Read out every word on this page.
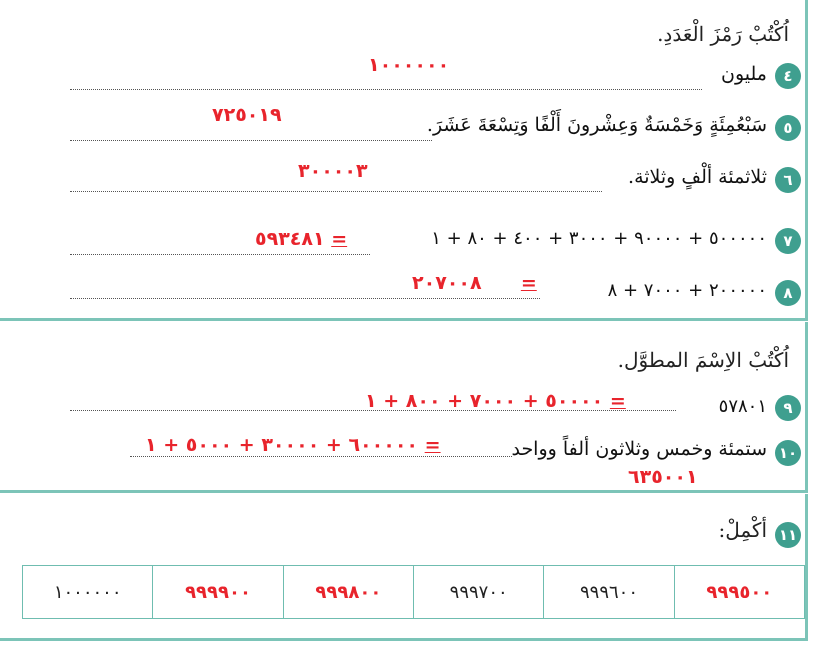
اُكْتُبْ رَمْزَ الْعَدَدِ.
٤
مليون
١٠٠٠٠٠٠
٥
سَبْعُمِئَةٍ وَخَمْسَةٌ وَعِشْرونَ أَلْفًا وَتِسْعَةَ عَشَرَ.
٧٢٥٠١٩
٦
ثلاثمئة ألْفٍ وثلاثة.
٣٠٠٠٠٣
٧
٥٠٠٠٠٠ + ٩٠٠٠٠ + ٣٠٠٠ + ٤٠٠ + ٨٠ + ١
٥٩٣٤٨١ =
٨
٢٠٠٠٠٠ + ٧٠٠٠ + ٨
٢٠٧٠٠٨ =
اُكْتُبْ الاِسْمَ المطوَّل.
٩
٥٧٨٠١
٥٠٠٠٠ + ٧٠٠٠ + ٨٠٠ + ١ =
١٠
ستمئة وخمس وثلاثون ألفاً وواحد
٦٠٠٠٠٠ + ٣٠٠٠٠ + ٥٠٠٠ + ١ =
٦٣٥٠٠١
١١
أكْمِلْ:
٩٩٩٥٠٠	٩٩٩٦٠٠	٩٩٩٧٠٠	٩٩٩٨٠٠	٩٩٩٩٠٠	١٠٠٠٠٠٠
